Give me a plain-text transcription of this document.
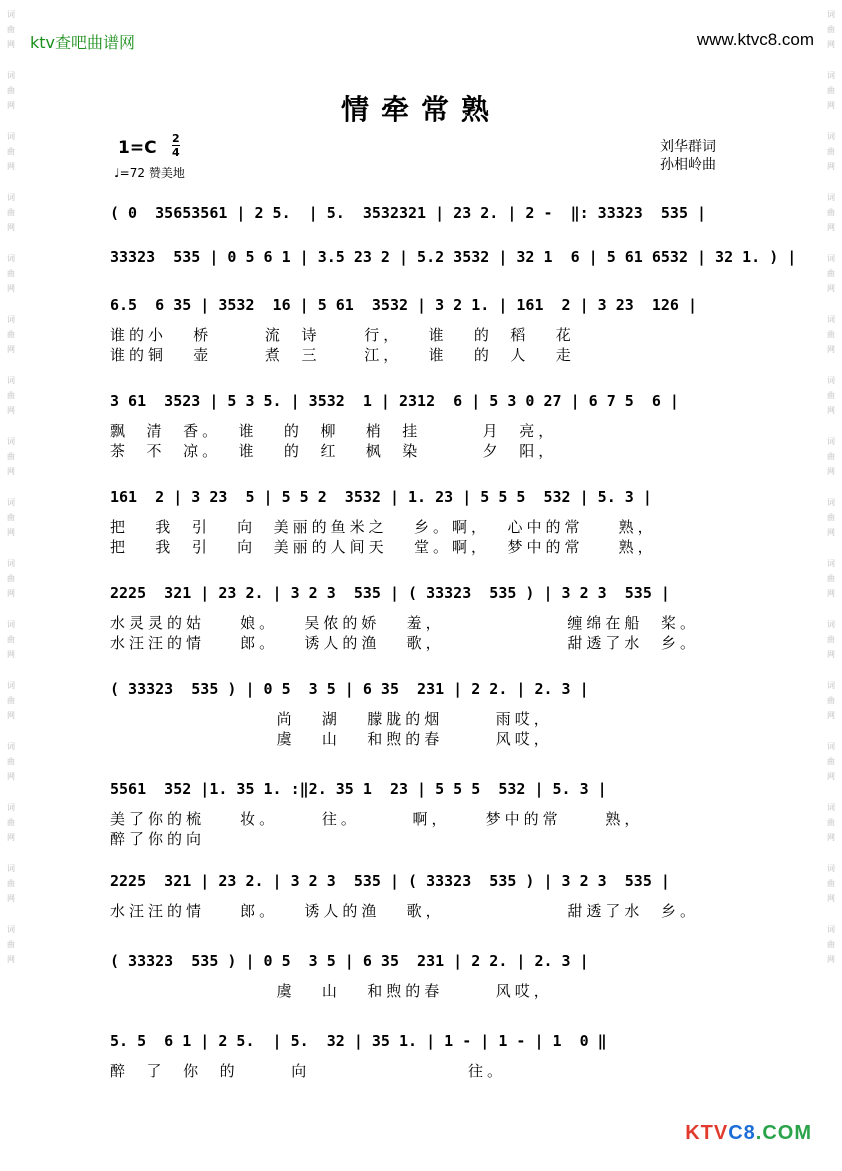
词
曲
网
词
曲
网
词
曲
网
词
曲
网
词
曲
网
词
曲
网
词
曲
网
词
曲
网
词
曲
网
词
曲
网
词
曲
网
词
曲
网
词
曲
网
词
曲
网
词
曲
网
词
曲
网
词
曲
网
词
曲
网
词
曲
网
词
曲
网
词
曲
网
词
曲
网
词
曲
网
词
曲
网
词
曲
网
词
曲
网
词
曲
网
词
曲
网
词
曲
网
词
曲
网
词
曲
网
词
曲
网
ktv查吧曲谱网	www.ktvc8.com
情牵常熟
1=C 2
4
♩=72 赞美地
刘华群词
孙相岭曲
( 0  35653561 | 2 5.  | 5.  3532321 | 23 2. | 2 -  ‖: 33323  535 |
33323  535 | 0 5 6 1 | 3.5 23 2 | 5.2 3532 | 32 1  6 | 5 61 6532 | 32 1. ) |
6.5  6 35 | 3532  16 | 5 61  3532 | 3 2 1. | 161  2 | 3 23  126 |
谁的小   桥      流  诗     行，   谁   的  稻   花
谁的铜   壶      煮  三     江，   谁   的  人   走
3 61  3523 | 5 3 5. | 3532  1 | 2312  6 | 5 3 0 27 | 6 7 5  6 |
飘  清  香。  谁   的  柳   梢  挂       月  亮，
茶  不  凉。  谁   的  红   枫  染       夕  阳，
161  2 | 3 23  5 | 5 5 2  3532 | 1. 23 | 5 5 5  532 | 5. 3 |
把   我  引   向  美丽的鱼米之   乡。啊，  心中的常    熟，
把   我  引   向  美丽的人间天   堂。啊，  梦中的常    熟，
2225  321 | 23 2. | 3 2 3  535 | ( 33323  535 ) | 3 2 3  535 |
水灵灵的姑    娘。   吴侬的娇   羞，              缠绵在船  桨。
水汪汪的情    郎。   诱人的渔   歌，              甜透了水  乡。
( 33323  535 ) | 0 5  3 5 | 6 35  231 | 2 2. | 2. 3 |
尚   湖   朦胧的烟      雨哎，
虞   山   和煦的春      风哎，
5561  352 |1. 35 1. :‖2. 35 1  23 | 5 5 5  532 | 5. 3 |
美了你的梳    妆。     往。      啊，    梦中的常     熟，
醉了你的向
2225  321 | 23 2. | 3 2 3  535 | ( 33323  535 ) | 3 2 3  535 |
水汪汪的情    郎。   诱人的渔   歌，              甜透了水  乡。
( 33323  535 ) | 0 5  3 5 | 6 35  231 | 2 2. | 2. 3 |
虞   山   和煦的春      风哎，
5. 5  6 1 | 2 5.  | 5.  32 | 35 1. | 1 - | 1 - | 1  0 ‖
醉  了  你  的      向                  往。
KTVC8.COM
